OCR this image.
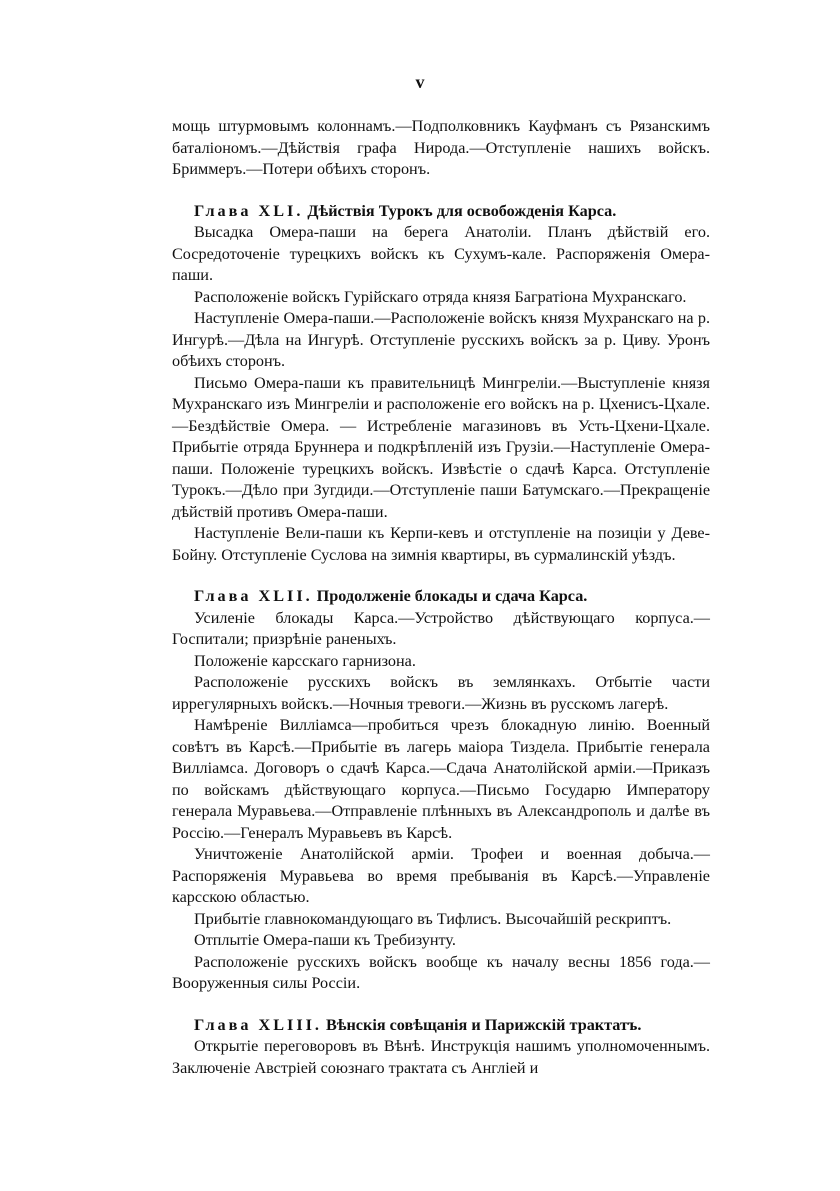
v

мощь штурмовымъ колоннамъ.—Подполковникъ Кауфманъ съ Рязанскимъ баталіономъ.—Дѣйствія графа Нирода.—Отступленіе нашихъ войскъ. Бриммеръ.—Потери обѣихъ сторонъ.

Глава XLI. Дѣйствія Турокъ для освобожденія Карса.

Высадка Омера-паши на берега Анатоліи. Планъ дѣйствій его. Сосредоточеніе турецкихъ войскъ къ Сухумъ-кале. Распоряженія Омера-паши.

Расположеніе войскъ Гурійскаго отряда князя Багратіона Мухранскаго.

Наступленіе Омера-паши.—Расположеніе войскъ князя Мухранскаго на р. Ингурѣ.—Дѣла на Ингурѣ. Отступленіе русскихъ войскъ за р. Циву. Уронъ обѣихъ сторонъ.

Письмо Омера-паши къ правительницѣ Мингреліи.—Выступленіе князя Мухранскаго изъ Мингреліи и расположеніе его войскъ на р. Цхенисъ-Цхале.—Бездѣйствіе Омера. — Истребленіе магазиновъ въ Усть-Цхени-Цхале. Прибытіе отряда Бруннера и подкрѣпленій изъ Грузіи.—Наступленіе Омера-паши. Положеніе турецкихъ войскъ. Извѣстіе о сдачѣ Карса. Отступленіе Турокъ.—Дѣло при Зугдиди.—Отступленіе паши Батумскаго.—Прекращеніе дѣйствій противъ Омера-паши.

Наступленіе Вели-паши къ Керпи-кевъ и отступленіе на позиціи у Деве-Бойну. Отступленіе Суслова на зимнія квартиры, въ сурмалинскій уѣздъ.

Глава XLII. Продолженіе блокады и сдача Карса.

Усиленіе блокады Карса.—Устройство дѣйствующаго корпуса.—Госпитали; призрѣніе раненыхъ.

Положеніе карсскаго гарнизона.

Расположеніе русскихъ войскъ въ землянкахъ. Отбытіе части иррегулярныхъ войскъ.—Ночныя тревоги.—Жизнь въ русскомъ лагерѣ.

Намѣреніе Вилліамса—пробиться чрезъ блокадную линію. Военный совѣтъ въ Карсѣ.—Прибытіе въ лагерь маіора Тиздела. Прибытіе генерала Вилліамса. Договоръ о сдачѣ Карса.—Сдача Анатолійской арміи.—Приказъ по войскамъ дѣйствующаго корпуса.—Письмо Государю Императору генерала Муравьева.—Отправленіе плѣнныхъ въ Александрополь и далѣе въ Россію.—Генералъ Муравьевъ въ Карсѣ.

Уничтоженіе Анатолійской арміи. Трофеи и военная добыча.—Распоряженія Муравьева во время пребыванія въ Карсѣ.—Управленіе карсскою областью.

Прибытіе главнокомандующаго въ Тифлисъ. Высочайшій рескриптъ.

Отплытіе Омера-паши къ Требизунту.

Расположеніе русскихъ войскъ вообще къ началу весны 1856 года.—Вооруженныя силы Россіи.

Глава XLIII. Вѣнскія совѣщанія и Парижскій трактатъ.

Открытіе переговоровъ въ Вѣнѣ. Инструкція нашимъ уполномоченнымъ. Заключеніе Австріей союзнаго трактата съ Англіей и
